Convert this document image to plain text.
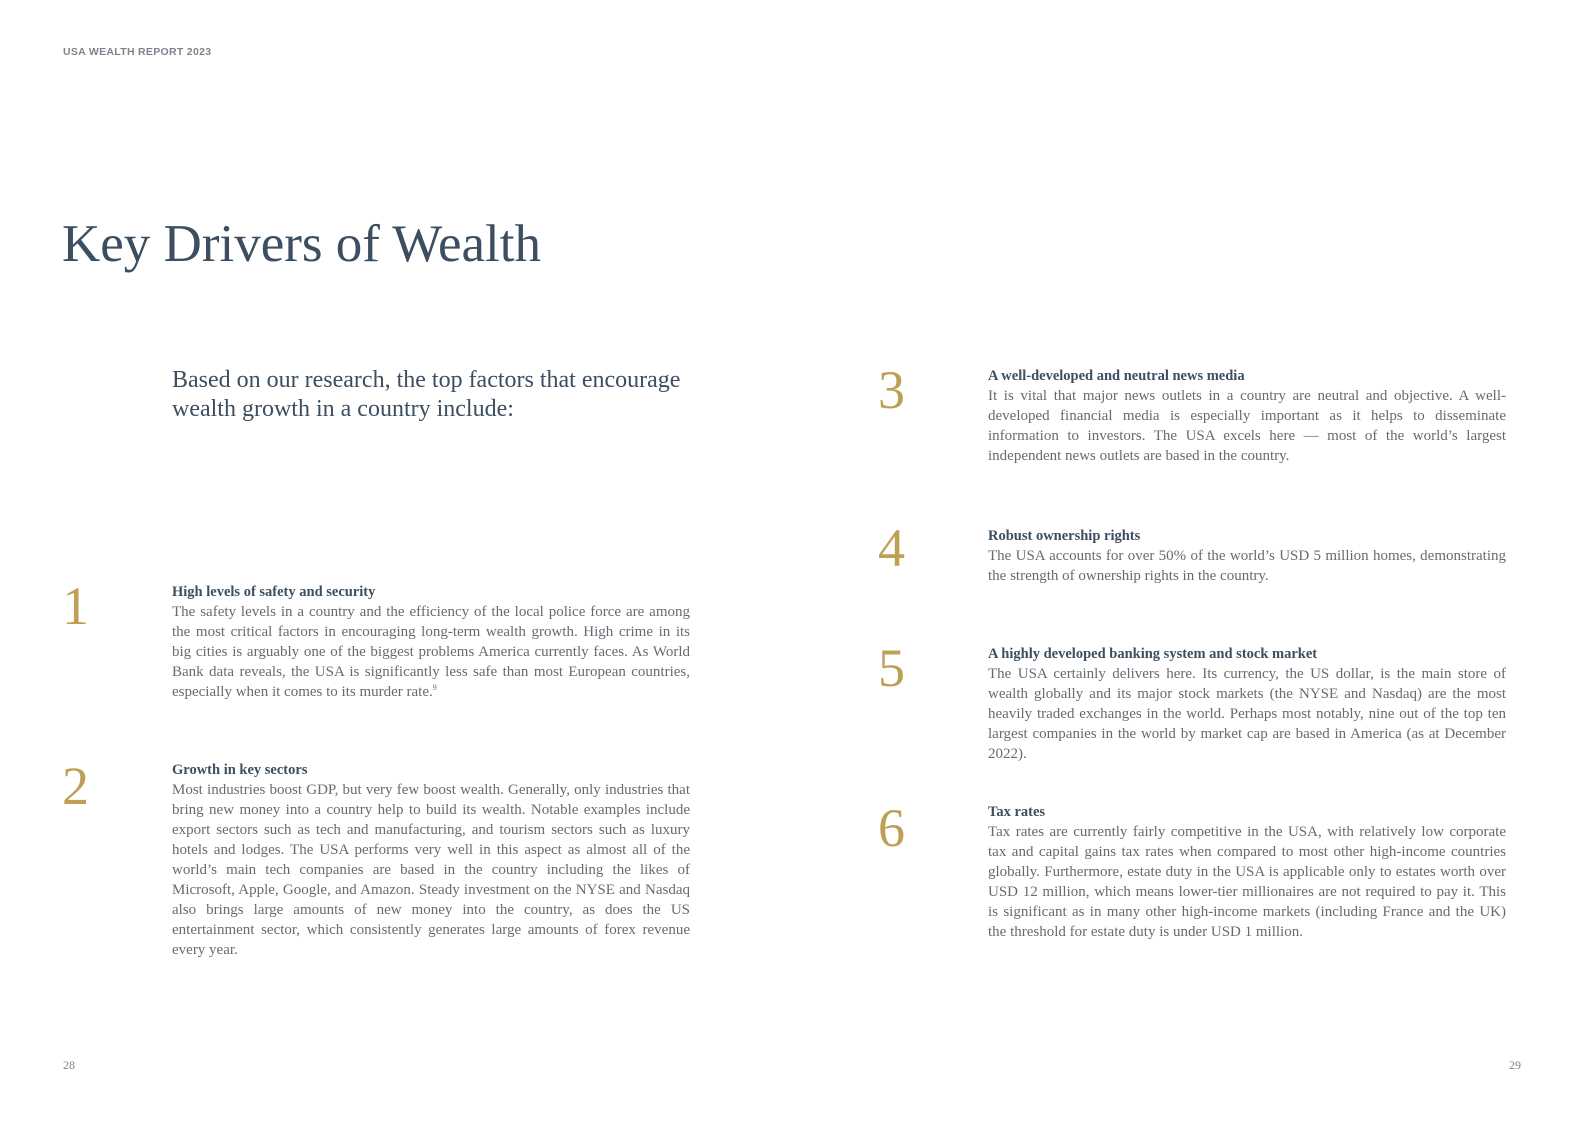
USA WEALTH REPORT 2023
Key Drivers of Wealth

Based on our research, the top factors that encourage wealth growth in a country include:

1	High levels of safety and security
The safety levels in a country and the efficiency of the local police force are among the most critical factors in encouraging long-term wealth growth. High crime in its big cities is arguably one of the biggest problems America currently faces. As World Bank data reveals, the USA is significantly less safe than most European countries, especially when it comes to its murder rate.$^9$
2	Growth in key sectors
Most industries boost GDP, but very few boost wealth. Generally, only industries that bring new money into a country help to build its wealth. Notable examples include export sectors such as tech and manufacturing, and tourism sectors such as luxury hotels and lodges. The USA performs very well in this aspect as almost all of the world’s main tech companies are based in the country including the likes of Microsoft, Apple, Google, and Amazon. Steady investment on the NYSE and Nasdaq also brings large amounts of new money into the country, as does the US entertainment sector, which consistently generates large amounts of forex revenue every year.
3	A well-developed and neutral news media
It is vital that major news outlets in a country are neutral and objective. A well-developed financial media is especially important as it helps to disseminate information to investors. The USA excels here — most of the world’s largest independent news outlets are based in the country.
4	Robust ownership rights
The USA accounts for over 50% of the world’s USD 5 million homes, demonstrating the strength of ownership rights in the country.
5	A highly developed banking system and stock market
The USA certainly delivers here. Its currency, the US dollar, is the main store of wealth globally and its major stock markets (the NYSE and Nasdaq) are the most heavily traded exchanges in the world. Perhaps most notably, nine out of the top ten largest companies in the world by market cap are based in America (as at December 2022).
6	Tax rates
Tax rates are currently fairly competitive in the USA, with relatively low corporate tax and capital gains tax rates when compared to most other high-income countries globally. Furthermore, estate duty in the USA is applicable only to estates worth over USD 12 million, which means lower-tier millionaires are not required to pay it. This is significant as in many other high-income markets (including France and the UK) the threshold for estate duty is under USD 1 million.
28	29
